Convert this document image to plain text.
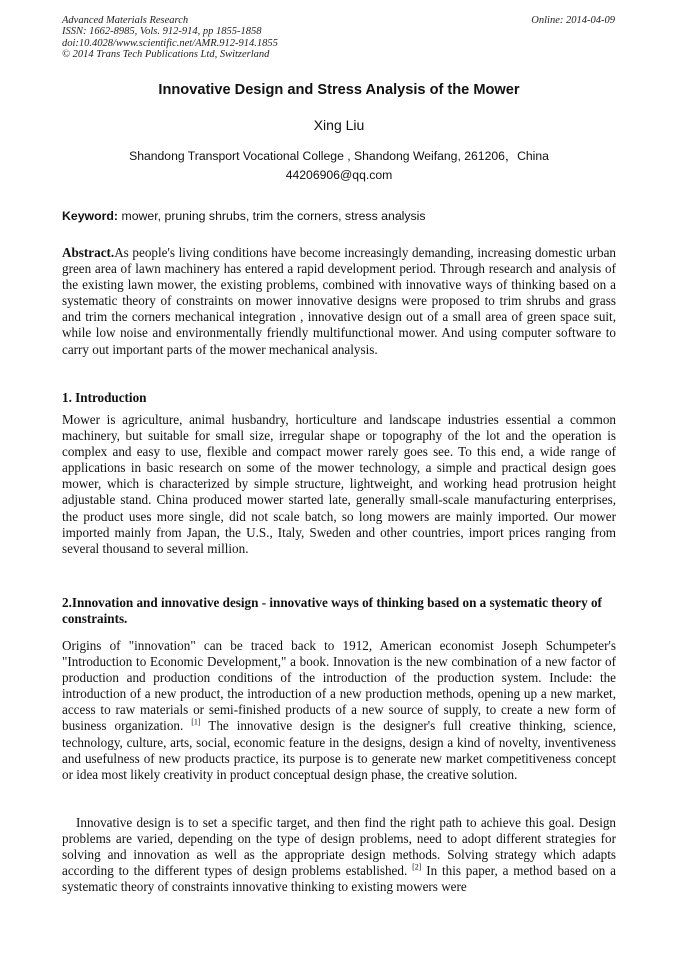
Advanced Materials Research
ISSN: 1662-8985, Vols. 912-914, pp 1855-1858
doi:10.4028/www.scientific.net/AMR.912-914.1855
© 2014 Trans Tech Publications Ltd, Switzerland
Online: 2014-04-09
Innovative Design and Stress Analysis of the Mower
Xing Liu
Shandong Transport Vocational College , Shandong Weifang, 261206，China
44206906@qq.com
Keyword: mower, pruning shrubs, trim the corners, stress analysis

Abstract.As people's living conditions have become increasingly demanding, increasing domestic urban green area of lawn machinery has entered a rapid development period. Through research and analysis of the existing lawn mower, the existing problems, combined with innovative ways of thinking based on a systematic theory of constraints on mower innovative designs were proposed to trim shrubs and grass and trim the corners mechanical integration , innovative design out of a small area of green space suit, while low noise and environmentally friendly multifunctional mower. And using computer software to carry out important parts of the mower mechanical analysis.

1. Introduction
Mower is agriculture, animal husbandry, horticulture and landscape industries essential a common machinery, but suitable for small size, irregular shape or topography of the lot and the operation is complex and easy to use, flexible and compact mower rarely goes see. To this end, a wide range of applications in basic research on some of the mower technology, a simple and practical design goes mower, which is characterized by simple structure, lightweight, and working head protrusion height adjustable stand. China produced mower started late, generally small-scale manufacturing enterprises, the product uses more single, did not scale batch, so long mowers are mainly imported. Our mower imported mainly from Japan, the U.S., Italy, Sweden and other countries, import prices ranging from several thousand to several million.
2.Innovation and innovative design - innovative ways of thinking based on a systematic theory of constraints.

Origins of "innovation" can be traced back to 1912, American economist Joseph Schumpeter's "Introduction to Economic Development," a book. Innovation is the new combination of a new factor of production and production conditions of the introduction of the production system. Include: the introduction of a new product, the introduction of a new production methods, opening up a new market, access to raw materials or semi-finished products of a new source of supply, to create a new form of business organization. [1] The innovative design is the designer's full creative thinking, science, technology, culture, arts, social, economic feature in the designs, design a kind of novelty, inventiveness and usefulness of new products practice, its purpose is to generate new market competitiveness concept or idea most likely creativity in product conceptual design phase, the creative solution.

Innovative design is to set a specific target, and then find the right path to achieve this goal. Design problems are varied, depending on the type of design problems, need to adopt different strategies for solving and innovation as well as the appropriate design methods. Solving strategy which adapts according to the different types of design problems established. [2] In this paper, a method based on a systematic theory of constraints innovative thinking to existing mowers were
